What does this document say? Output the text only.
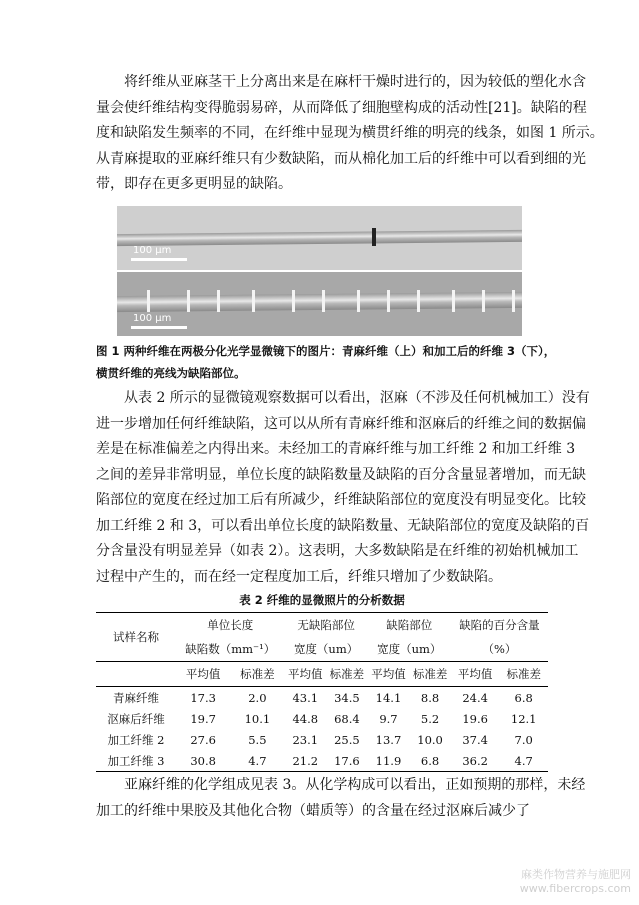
将纤维从亚麻茎干上分离出来是在麻杆干燥时进行的，因为较低的塑化水含
量会使纤维结构变得脆弱易碎，从而降低了细胞壁构成的活动性[21]。缺陷的程
度和缺陷发生频率的不同，在纤维中显现为横贯纤维的明亮的线条，如图 1 所示。
从青麻提取的亚麻纤维只有少数缺陷，而从棉化加工后的纤维中可以看到细的光
带，即存在更多更明显的缺陷。
100 µm
100 µm
图 1 两种纤维在两极分化光学显微镜下的图片：青麻纤维（上）和加工后的纤维 3（下），
横贯纤维的亮线为缺陷部位。
从表 2 所示的显微镜观察数据可以看出，沤麻（不涉及任何机械加工）没有
进一步增加任何纤维缺陷，这可以从所有青麻纤维和沤麻后的纤维之间的数据偏
差是在标准偏差之内得出来。未经加工的青麻纤维与加工纤维 2 和加工纤维 3
之间的差异非常明显，单位长度的缺陷数量及缺陷的百分含量显著增加，而无缺
陷部位的宽度在经过加工后有所减少，纤维缺陷部位的宽度没有明显变化。比较
加工纤维 2 和 3，可以看出单位长度的缺陷数量、无缺陷部位的宽度及缺陷的百
分含量没有明显差异（如表 2）。这表明，大多数缺陷是在纤维的初始机械加工
过程中产生的，而在经一定程度加工后，纤维只增加了少数缺陷。
表 2 纤维的显微照片的分析数据
试样名称	单位长度		无缺陷部位		缺陷部位		缺陷的百分含量	
	缺陷数（mm⁻¹）		宽度（um）		宽度（um）		（%）	
	平均值	标准差	平均值	标准差	平均值	标准差	平均值	标准差
青麻纤维	17.3	2.0	43.1	34.5	14.1	8.8	24.4	6.8
沤麻后纤维	19.7	10.1	44.8	68.4	9.7	5.2	19.6	12.1
加工纤维 2	27.6	5.5	23.1	25.5	13.7	10.0	37.4	7.0
加工纤维 3	30.8	4.7	21.2	17.6	11.9	6.8	36.2	4.7
亚麻纤维的化学组成见表 3。从化学构成可以看出，正如预期的那样，未经
加工的纤维中果胶及其他化合物（蜡质等）的含量在经过沤麻后减少了
麻类作物营养与施肥网
www.fibercrops.com
